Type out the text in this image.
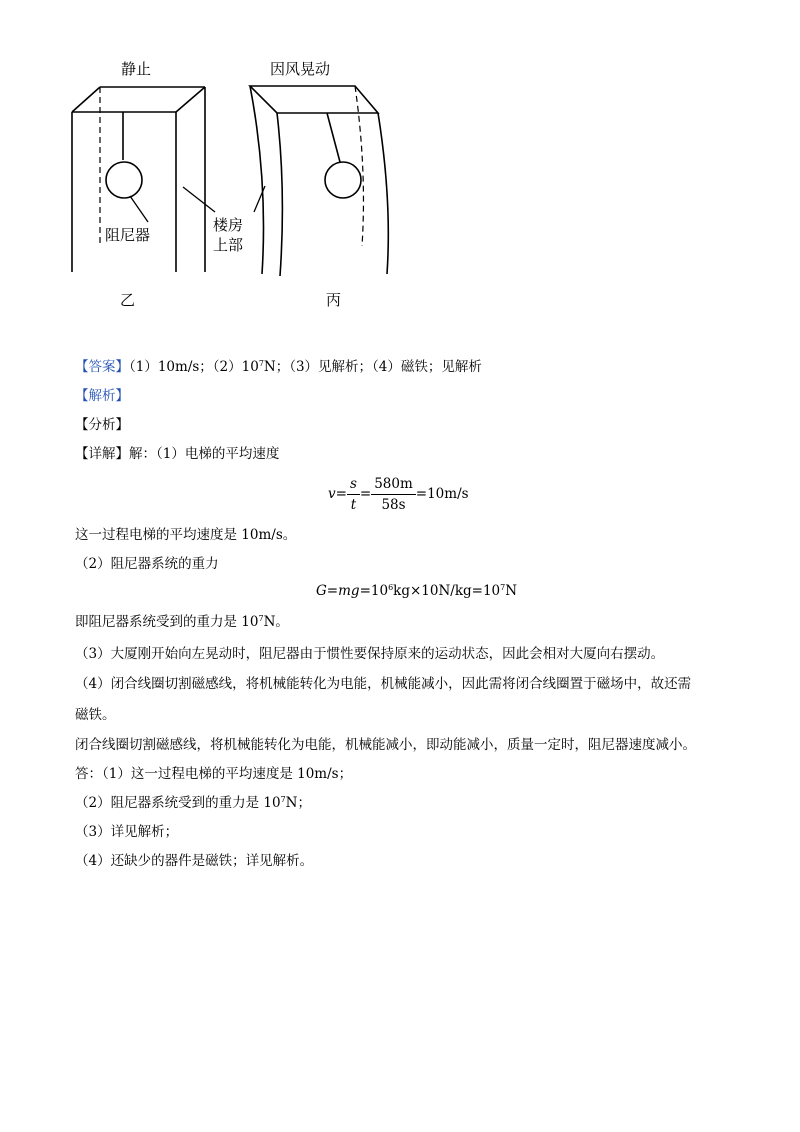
静止	因风晃动
阻尼器
楼房
上部
乙	丙
【答案】（1）10m/s；$(2)10^7N$；（3）见解析；（4）磁铁；见解析
【解析】
【分析】
【详解】解：（1）电梯的平均速度
$v= \frac{s}{t} = \frac{580m}{58s} =10m/s$
这一过程电梯的平均速度是 10m/s。
（2）阻尼器系统的重力
$G=mg=10^6kg\times 10N/kg=10^7N$
即阻尼器系统受到的重力是 $10^7N$。
（3）大厦刚开始向左晃动时，阻尼器由于惯性要保持原来的运动状态，因此会相对大厦向右摆动。
（4）闭合线圈切割磁感线，将机械能转化为电能，机械能减小，因此需将闭合线圈置于磁场中，故还需
磁铁。
闭合线圈切割磁感线，将机械能转化为电能，机械能减小，即动能减小，质量一定时，阻尼器速度减小。
答：（1）这一过程电梯的平均速度是 10m/s；
（2）阻尼器系统受到的重力是 $10^7N$；
（3）详见解析；
（4）还缺少的器件是磁铁；详见解析。
